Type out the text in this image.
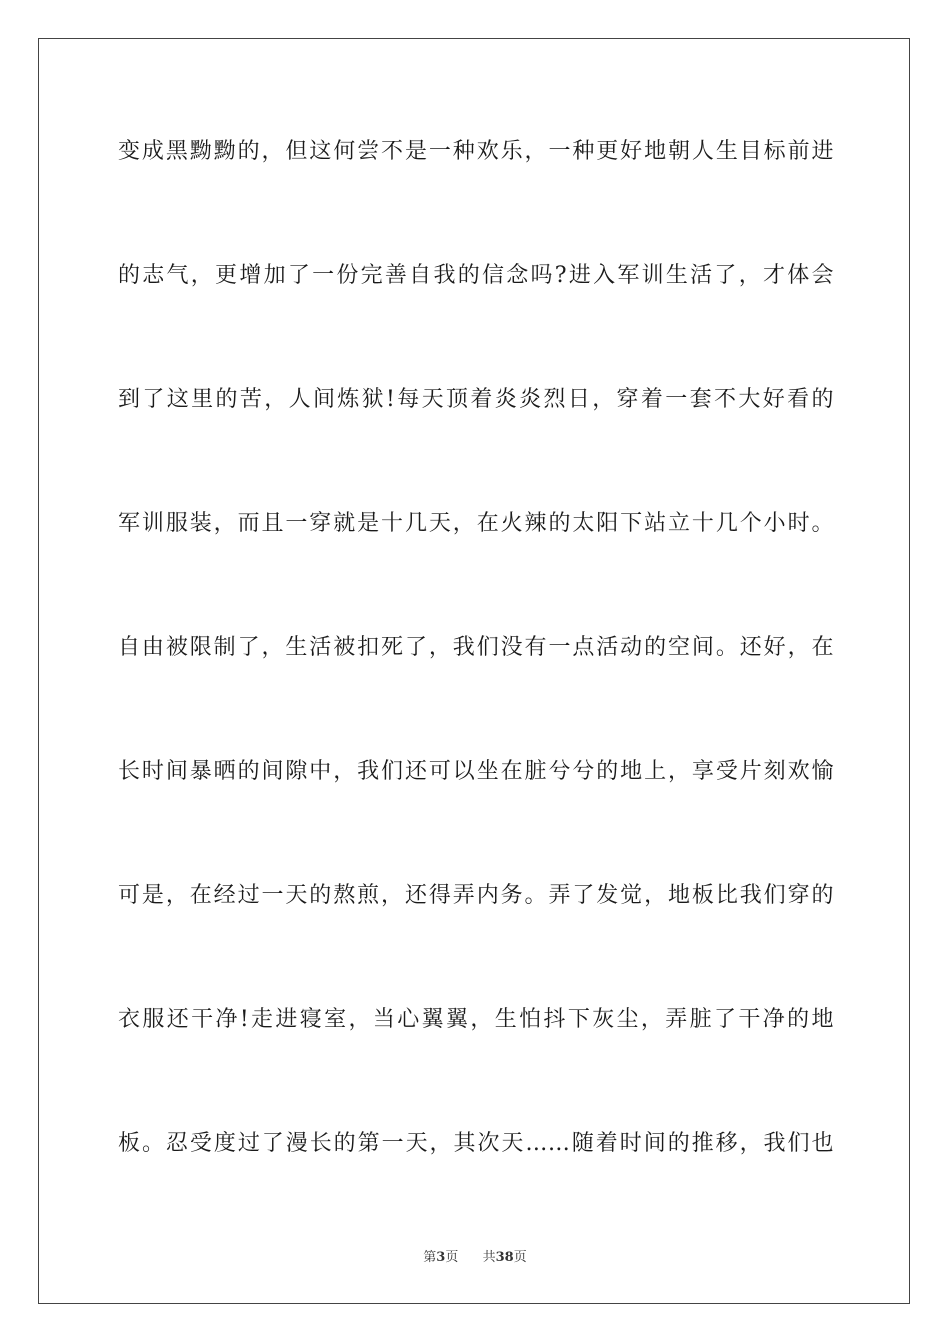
变成黑黝黝的，但这何尝不是一种欢乐，一种更好地朝人生目标前进
的志气，更增加了一份完善自我的信念吗?进入军训生活了，才体会
到了这里的苦，人间炼狱!每天顶着炎炎烈日，穿着一套不大好看的
军训服装，而且一穿就是十几天，在火辣的太阳下站立十几个小时。
自由被限制了，生活被扣死了，我们没有一点活动的空间。还好，在
长时间暴晒的间隙中，我们还可以坐在脏兮兮的地上，享受片刻欢愉
可是，在经过一天的熬煎，还得弄内务。弄了发觉，地板比我们穿的
衣服还干净!走进寝室，当心翼翼，生怕抖下灰尘，弄脏了干净的地
板。忍受度过了漫长的第一天，其次天……随着时间的推移，我们也
第3页 共38页
